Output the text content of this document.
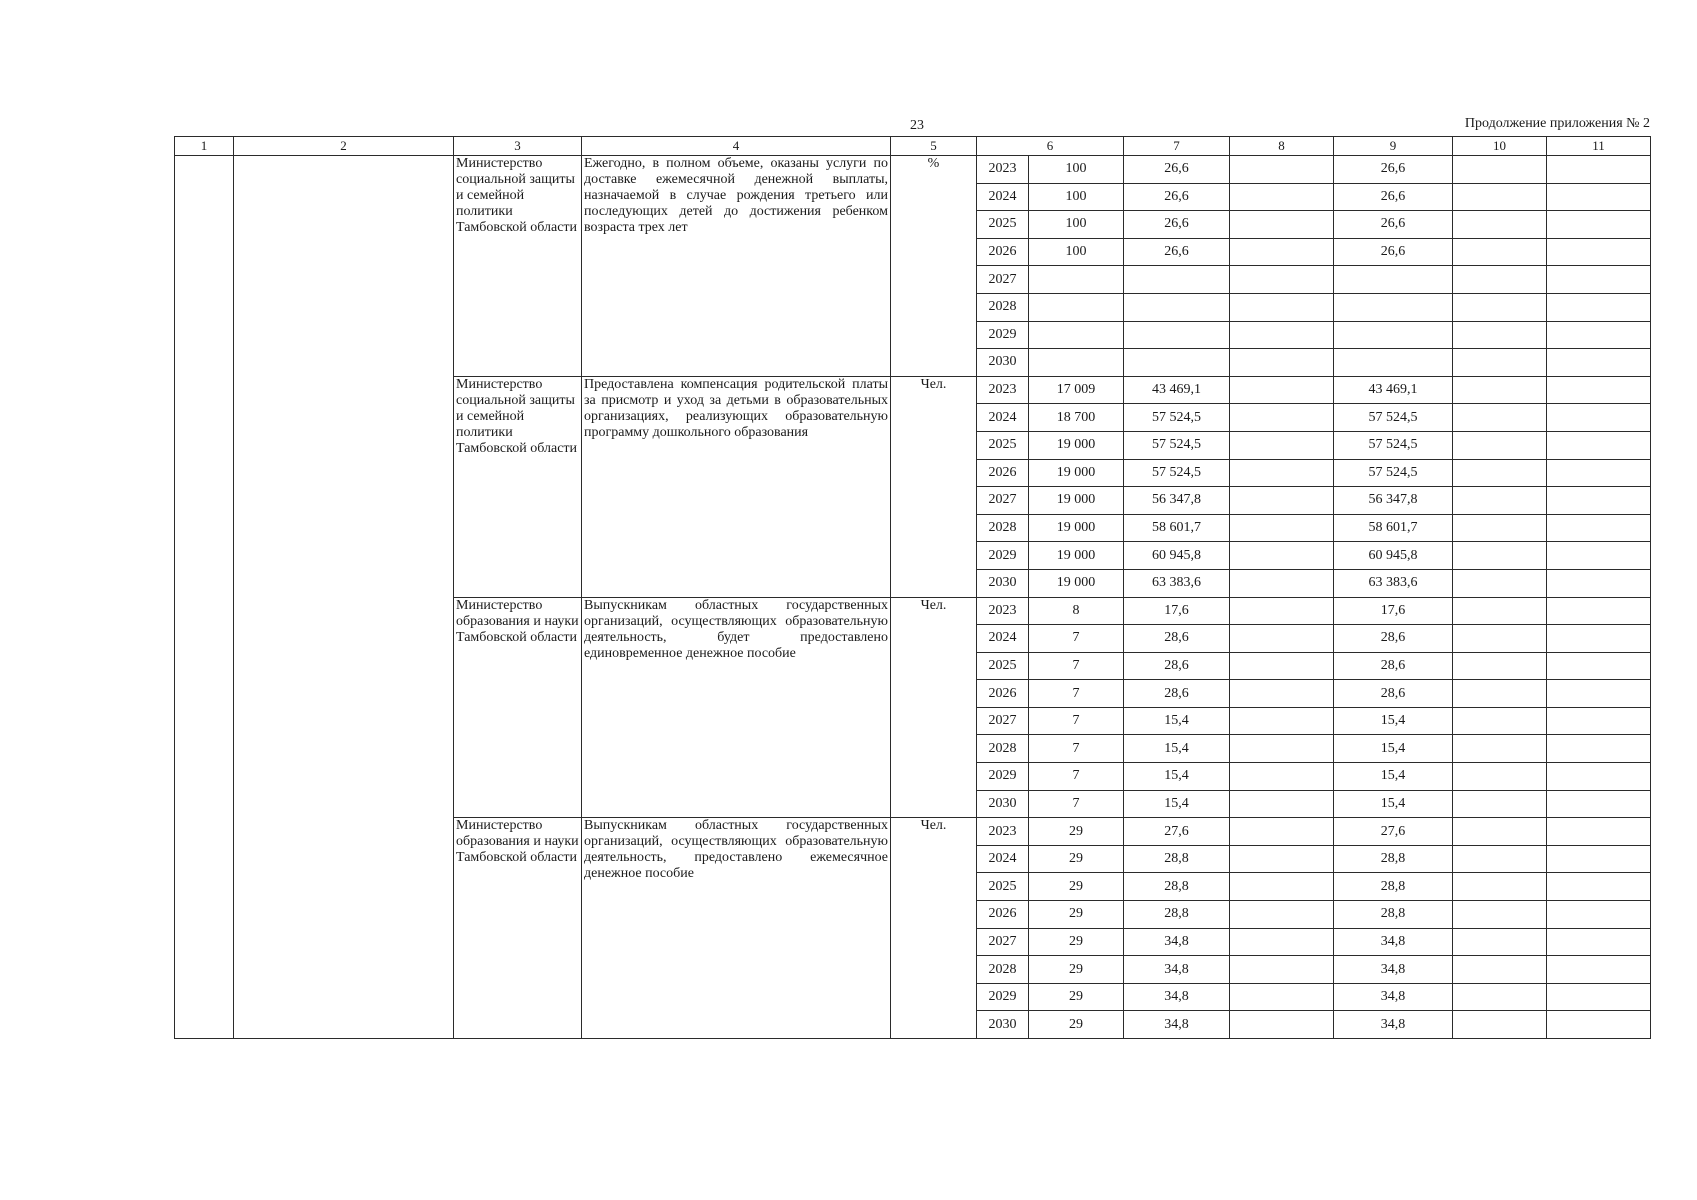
23	Продолжение приложения № 2
1	2	3	4	5	6		7	8	9	10	11
		Министерство социальной защиты и семейной политики Тамбовской области	Ежегодно, в полном объеме, оказаны услуги по доставке ежемесячной денежной выплаты, назначаемой в случае рождения третьего или последующих детей до достижения ребенком возраста трех лет	%	2023	100	26,6		26,6		
					2024	100	26,6		26,6		
					2025	100	26,6		26,6		
					2026	100	26,6		26,6		
					2027						
					2028						
					2029						
					2030						
		Министерство социальной защиты и семейной политики Тамбовской области	Предоставлена компенсация родительской платы за присмотр и уход за детьми в образовательных организациях, реализующих образовательную программу дошкольного образования	Чел.	2023	17 009	43 469,1		43 469,1		
					2024	18 700	57 524,5		57 524,5		
					2025	19 000	57 524,5		57 524,5		
					2026	19 000	57 524,5		57 524,5		
					2027	19 000	56 347,8		56 347,8		
					2028	19 000	58 601,7		58 601,7		
					2029	19 000	60 945,8		60 945,8		
					2030	19 000	63 383,6		63 383,6		
		Министерство образования и науки Тамбовской области	Выпускникам областных государственных организаций, осуществляющих образовательную деятельность, будет предоставлено единовременное денежное пособие	Чел.	2023	8	17,6		17,6		
					2024	7	28,6		28,6		
					2025	7	28,6		28,6		
					2026	7	28,6		28,6		
					2027	7	15,4		15,4		
					2028	7	15,4		15,4		
					2029	7	15,4		15,4		
					2030	7	15,4		15,4		
		Министерство образования и науки Тамбовской области	Выпускникам областных государственных организаций, осуществляющих образовательную деятельность, предоставлено ежемесячное денежное пособие	Чел.	2023	29	27,6		27,6		
					2024	29	28,8		28,8		
					2025	29	28,8		28,8		
					2026	29	28,8		28,8		
					2027	29	34,8		34,8		
					2028	29	34,8		34,8		
					2029	29	34,8		34,8		
					2030	29	34,8		34,8		
